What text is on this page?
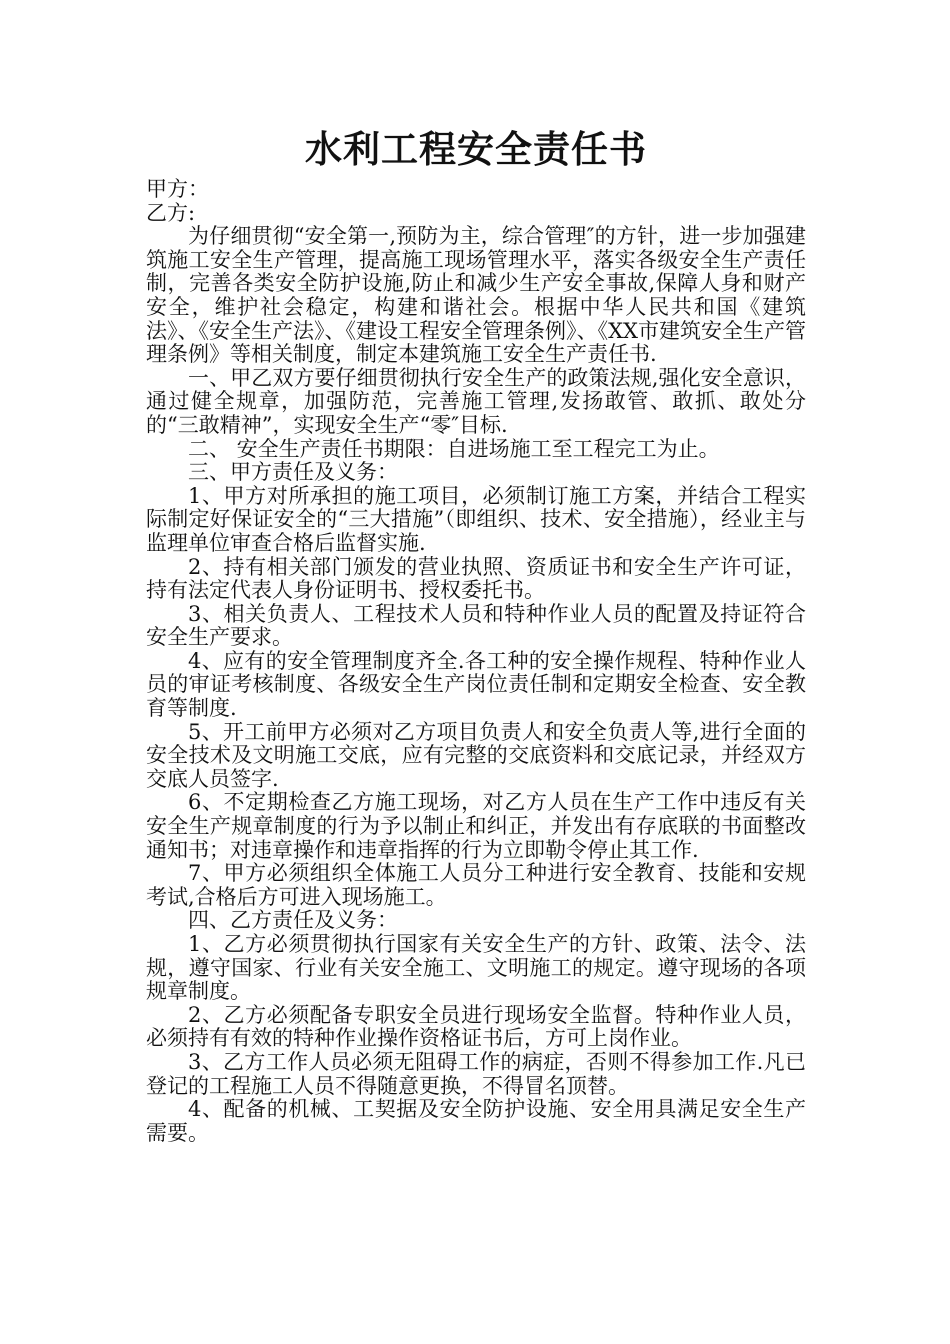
水利工程安全责任书

甲方：

乙方:

为仔细贯彻“安全第一,预防为主，综合管理″的方针，进一步加强建筑施工安全生产管理，提高施工现场管理水平，落实各级安全生产责任制，完善各类安全防护设施,防止和减少生产安全事故,保障人身和财产安全，维护社会稳定，构建和谐社会。根据中华人民共和国《建筑法》、《安全生产法》、《建设工程安全管理条例》、《XX市建筑安全生产管理条例》等相关制度，制定本建筑施工安全生产责任书.

一、甲乙双方要仔细贯彻执行安全生产的政策法规,强化安全意识，通过健全规章，加强防范，完善施工管理,发扬敢管、敢抓、敢处分的“三敢精神”，实现安全生产“零″目标.

二、 安全生产责任书期限：自进场施工至工程完工为止。

三、甲方责任及义务：

1、甲方对所承担的施工项目，必须制订施工方案，并结合工程实际制定好保证安全的“三大措施”（即组织、技术、安全措施），经业主与监理单位审查合格后监督实施.

2、持有相关部门颁发的营业执照、资质证书和安全生产许可证，持有法定代表人身份证明书、授权委托书。

3、相关负责人、工程技术人员和特种作业人员的配置及持证符合安全生产要求。

4、应有的安全管理制度齐全.各工种的安全操作规程、特种作业人员的审证考核制度、各级安全生产岗位责任制和定期安全检查、安全教育等制度.

5、开工前甲方必须对乙方项目负责人和安全负责人等,进行全面的安全技术及文明施工交底，应有完整的交底资料和交底记录，并经双方交底人员签字.

6、不定期检查乙方施工现场，对乙方人员在生产工作中违反有关安全生产规章制度的行为予以制止和纠正，并发出有存底联的书面整改通知书；对违章操作和违章指挥的行为立即勒令停止其工作.

7、甲方必须组织全体施工人员分工种进行安全教育、技能和安规考试,合格后方可进入现场施工。

四、乙方责任及义务：

1、乙方必须贯彻执行国家有关安全生产的方针、政策、法令、法规，遵守国家、行业有关安全施工、文明施工的规定。遵守现场的各项规章制度。

2、乙方必须配备专职安全员进行现场安全监督。特种作业人员，必须持有有效的特种作业操作资格证书后，方可上岗作业。

3、乙方工作人员必须无阻碍工作的病症，否则不得参加工作.凡已登记的工程施工人员不得随意更换，不得冒名顶替。

4、配备的机械、工契据及安全防护设施、安全用具满足安全生产需要。
